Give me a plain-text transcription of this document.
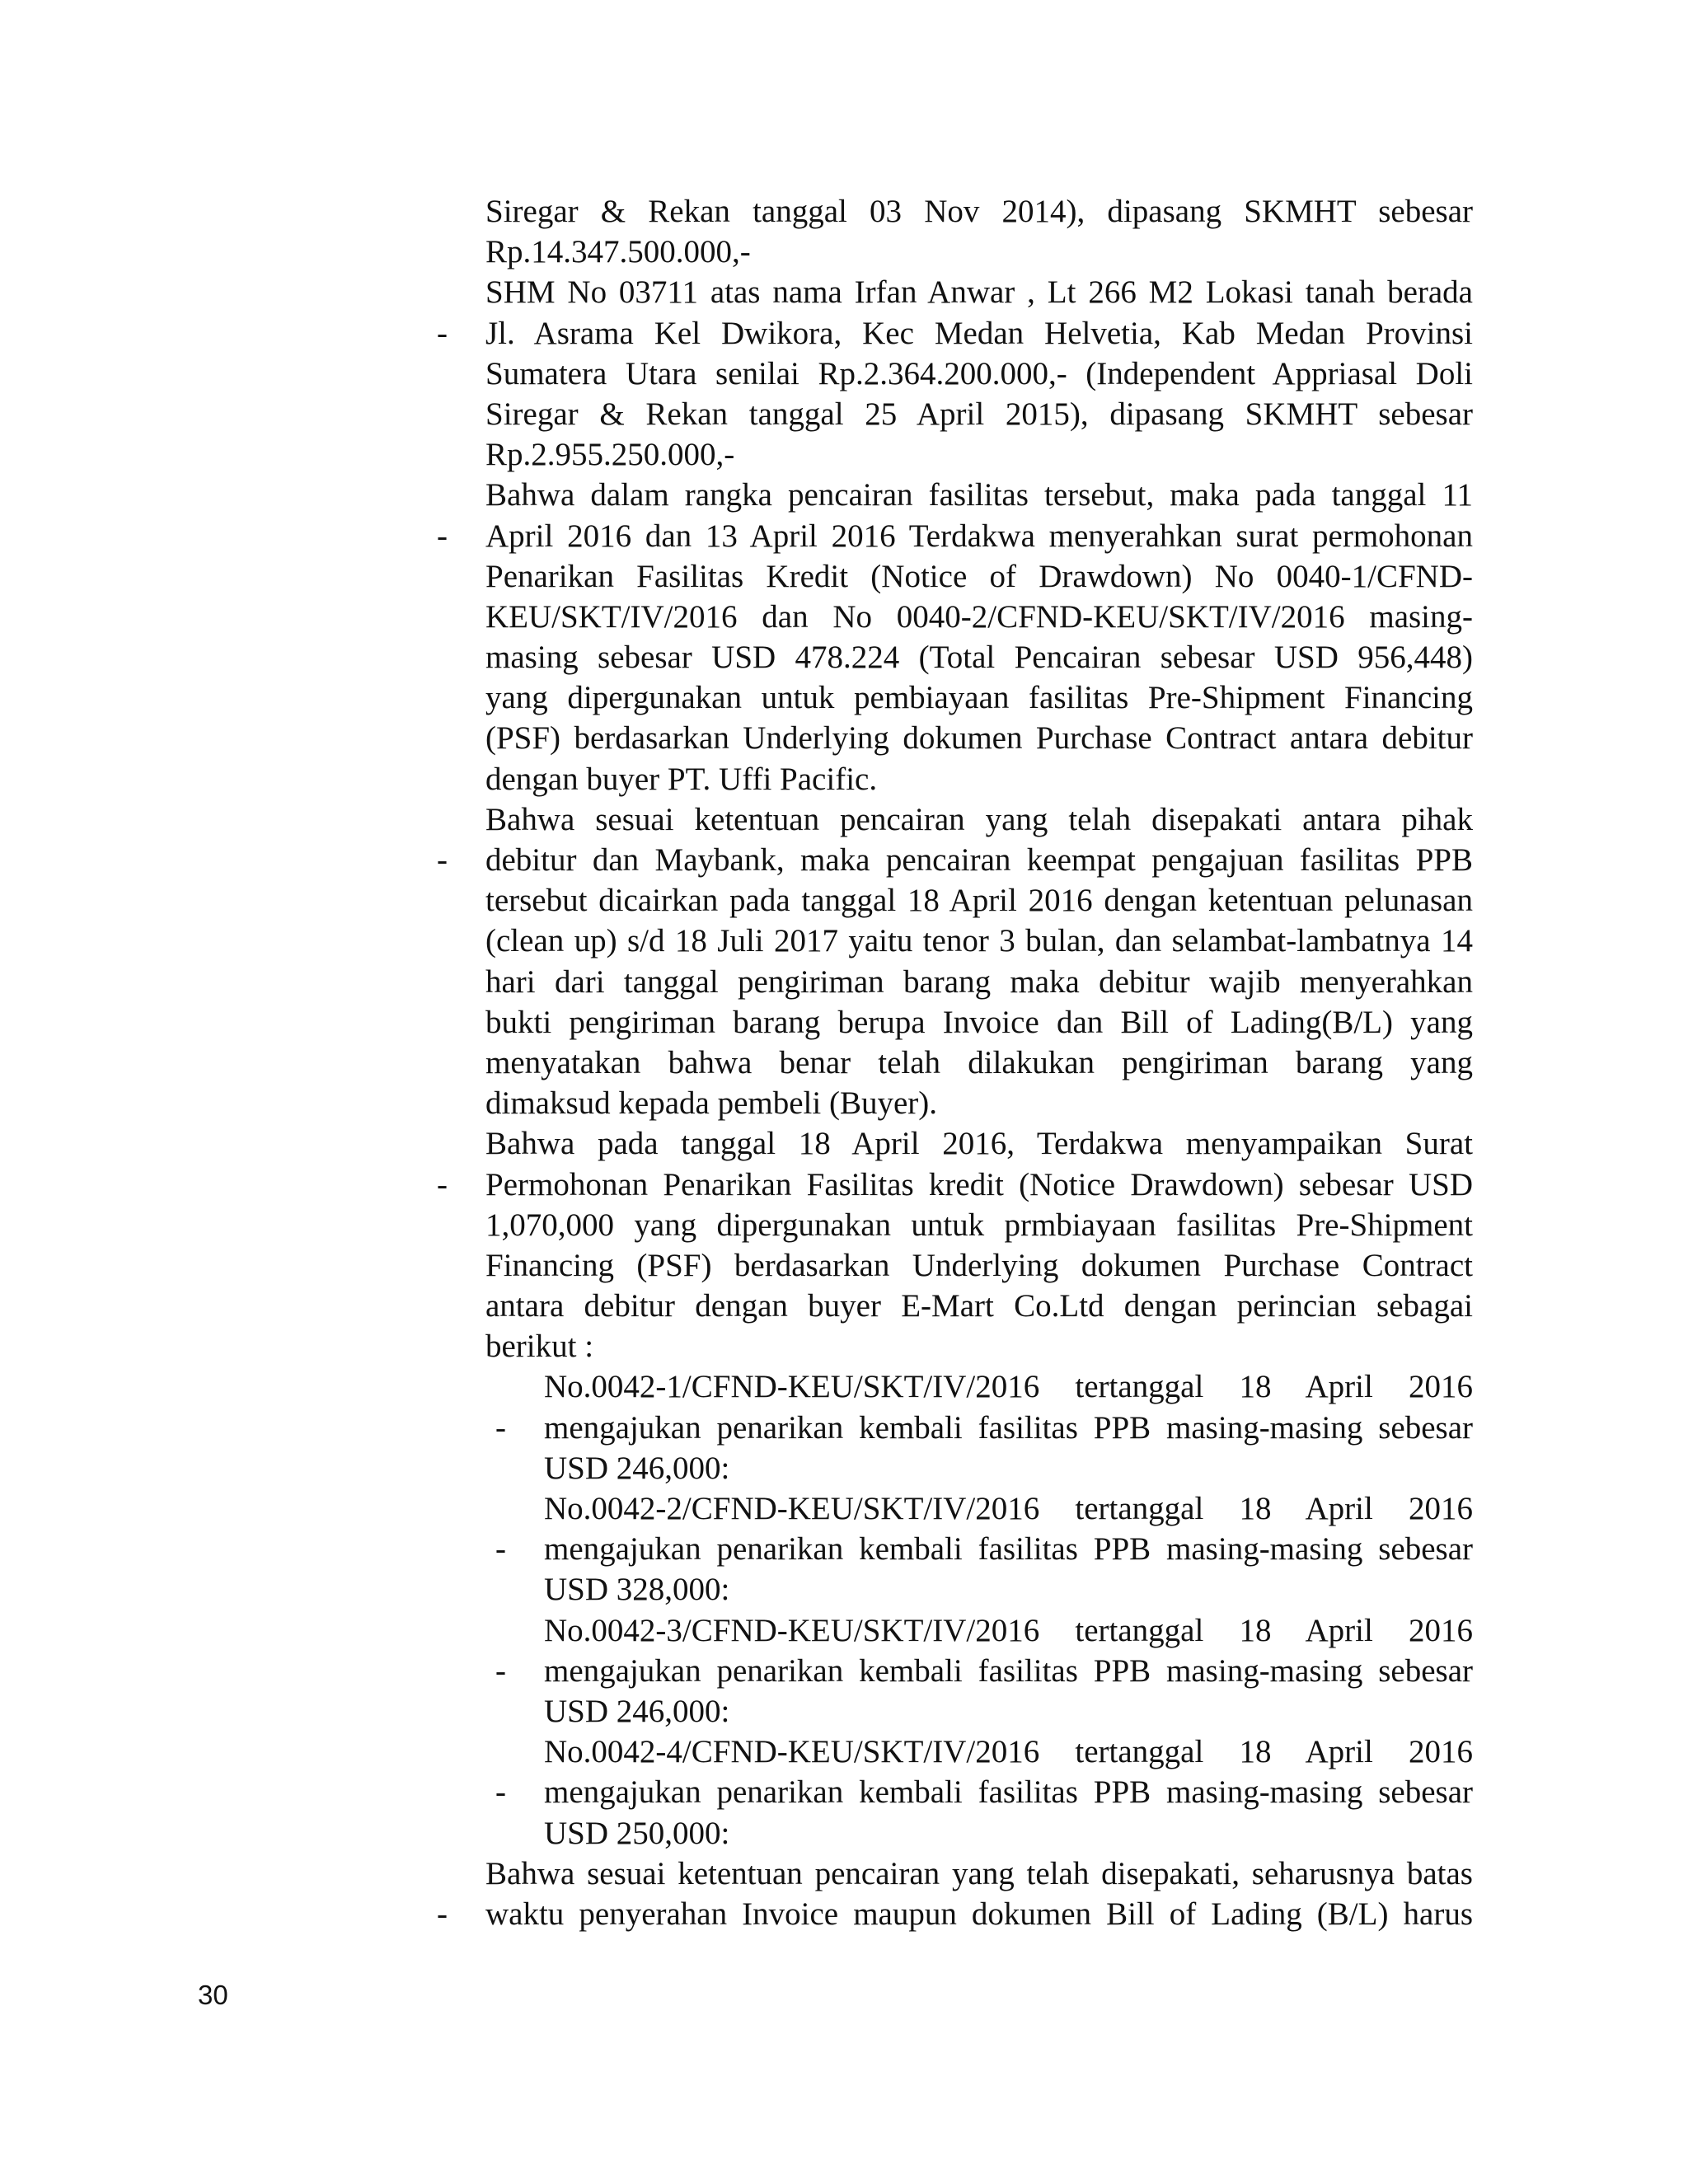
Siregar & Rekan tanggal 03 Nov 2014), dipasang SKMHT sebesar
Rp.14.347.500.000,-
SHM No 03711 atas nama Irfan Anwar , Lt 266 M2 Lokasi tanah berada
-	Jl. Asrama Kel Dwikora, Kec Medan Helvetia, Kab Medan Provinsi
Sumatera Utara senilai Rp.2.364.200.000,- (Independent Appriasal Doli
Siregar & Rekan tanggal 25 April 2015), dipasang SKMHT sebesar
Rp.2.955.250.000,-
Bahwa dalam rangka pencairan fasilitas tersebut, maka pada tanggal 11
-	April 2016 dan 13 April 2016 Terdakwa menyerahkan surat permohonan
Penarikan Fasilitas Kredit (Notice of Drawdown) No 0040-1/CFND-
KEU/SKT/IV/2016 dan No 0040-2/CFND-KEU/SKT/IV/2016 masing-
masing sebesar USD 478.224 (Total Pencairan sebesar USD 956,448)
yang dipergunakan untuk pembiayaan fasilitas Pre-Shipment Financing
(PSF) berdasarkan Underlying dokumen Purchase Contract antara debitur
dengan buyer PT. Uffi Pacific.
Bahwa sesuai ketentuan pencairan yang telah disepakati antara pihak
-	debitur dan Maybank, maka pencairan keempat pengajuan fasilitas PPB
tersebut dicairkan pada tanggal 18 April 2016 dengan ketentuan pelunasan
(clean up) s/d 18 Juli 2017 yaitu tenor 3 bulan, dan selambat-lambatnya 14
hari dari tanggal pengiriman barang maka debitur wajib menyerahkan
bukti pengiriman barang berupa Invoice dan Bill of Lading(B/L) yang
menyatakan bahwa benar telah dilakukan pengiriman barang yang
dimaksud kepada pembeli (Buyer).
Bahwa pada tanggal 18 April 2016, Terdakwa menyampaikan Surat
-	Permohonan Penarikan Fasilitas kredit (Notice Drawdown) sebesar USD
1,070,000 yang dipergunakan untuk prmbiayaan fasilitas Pre-Shipment
Financing (PSF) berdasarkan Underlying dokumen Purchase Contract
antara debitur dengan buyer E-Mart Co.Ltd dengan perincian sebagai
berikut :
No.0042-1/CFND-KEU/SKT/IV/2016 tertanggal 18 April 2016
-	mengajukan penarikan kembali fasilitas PPB masing-masing sebesar
USD 246,000:
No.0042-2/CFND-KEU/SKT/IV/2016 tertanggal 18 April 2016
-	mengajukan penarikan kembali fasilitas PPB masing-masing sebesar
USD 328,000:
No.0042-3/CFND-KEU/SKT/IV/2016 tertanggal 18 April 2016
-	mengajukan penarikan kembali fasilitas PPB masing-masing sebesar
USD 246,000:
No.0042-4/CFND-KEU/SKT/IV/2016 tertanggal 18 April 2016
-	mengajukan penarikan kembali fasilitas PPB masing-masing sebesar
USD 250,000:
Bahwa sesuai ketentuan pencairan yang telah disepakati, seharusnya batas
-	waktu penyerahan Invoice maupun dokumen Bill of Lading (B/L) harus
30
